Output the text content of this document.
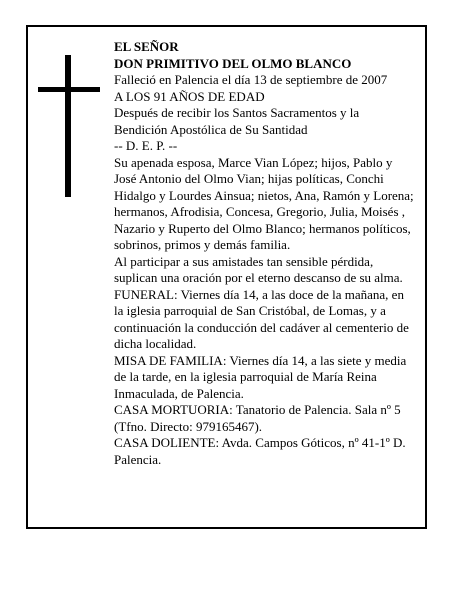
EL SEÑOR

DON PRIMITIVO DEL OLMO BLANCO

Falleció en Palencia el día 13 de septiembre de 2007

A LOS 91 AÑOS DE EDAD

Después de recibir los Santos Sacramentos y la Bendición Apostólica de Su Santidad

-- D. E. P. --

Su apenada esposa, Marce Vian López; hijos, Pablo y José Antonio del Olmo Vian; hijas políticas, Conchi Hidalgo y Lourdes Ainsua; nietos, Ana, Ramón y Lorena; hermanos, Afrodisia, Concesa, Gregorio, Julia, Moisés , Nazario y Ruperto del Olmo Blanco; hermanos políticos, sobrinos, primos y demás familia.

Al participar a sus amistades tan sensible pérdida, suplican una oración por el eterno descanso de su alma.

FUNERAL: Viernes día 14, a las doce de la mañana, en la iglesia parroquial de San Cristóbal, de Lomas, y a continuación la conducción del cadáver al cementerio de dicha localidad.

MISA DE FAMILIA: Viernes día 14, a las siete y media de la tarde, en la iglesia parroquial de María Reina Inmaculada, de Palencia.

CASA MORTUORIA: Tanatorio de Palencia. Sala nº 5 (Tfno. Directo: 979165467).

CASA DOLIENTE: Avda. Campos Góticos, nº 41-1º D. Palencia.
